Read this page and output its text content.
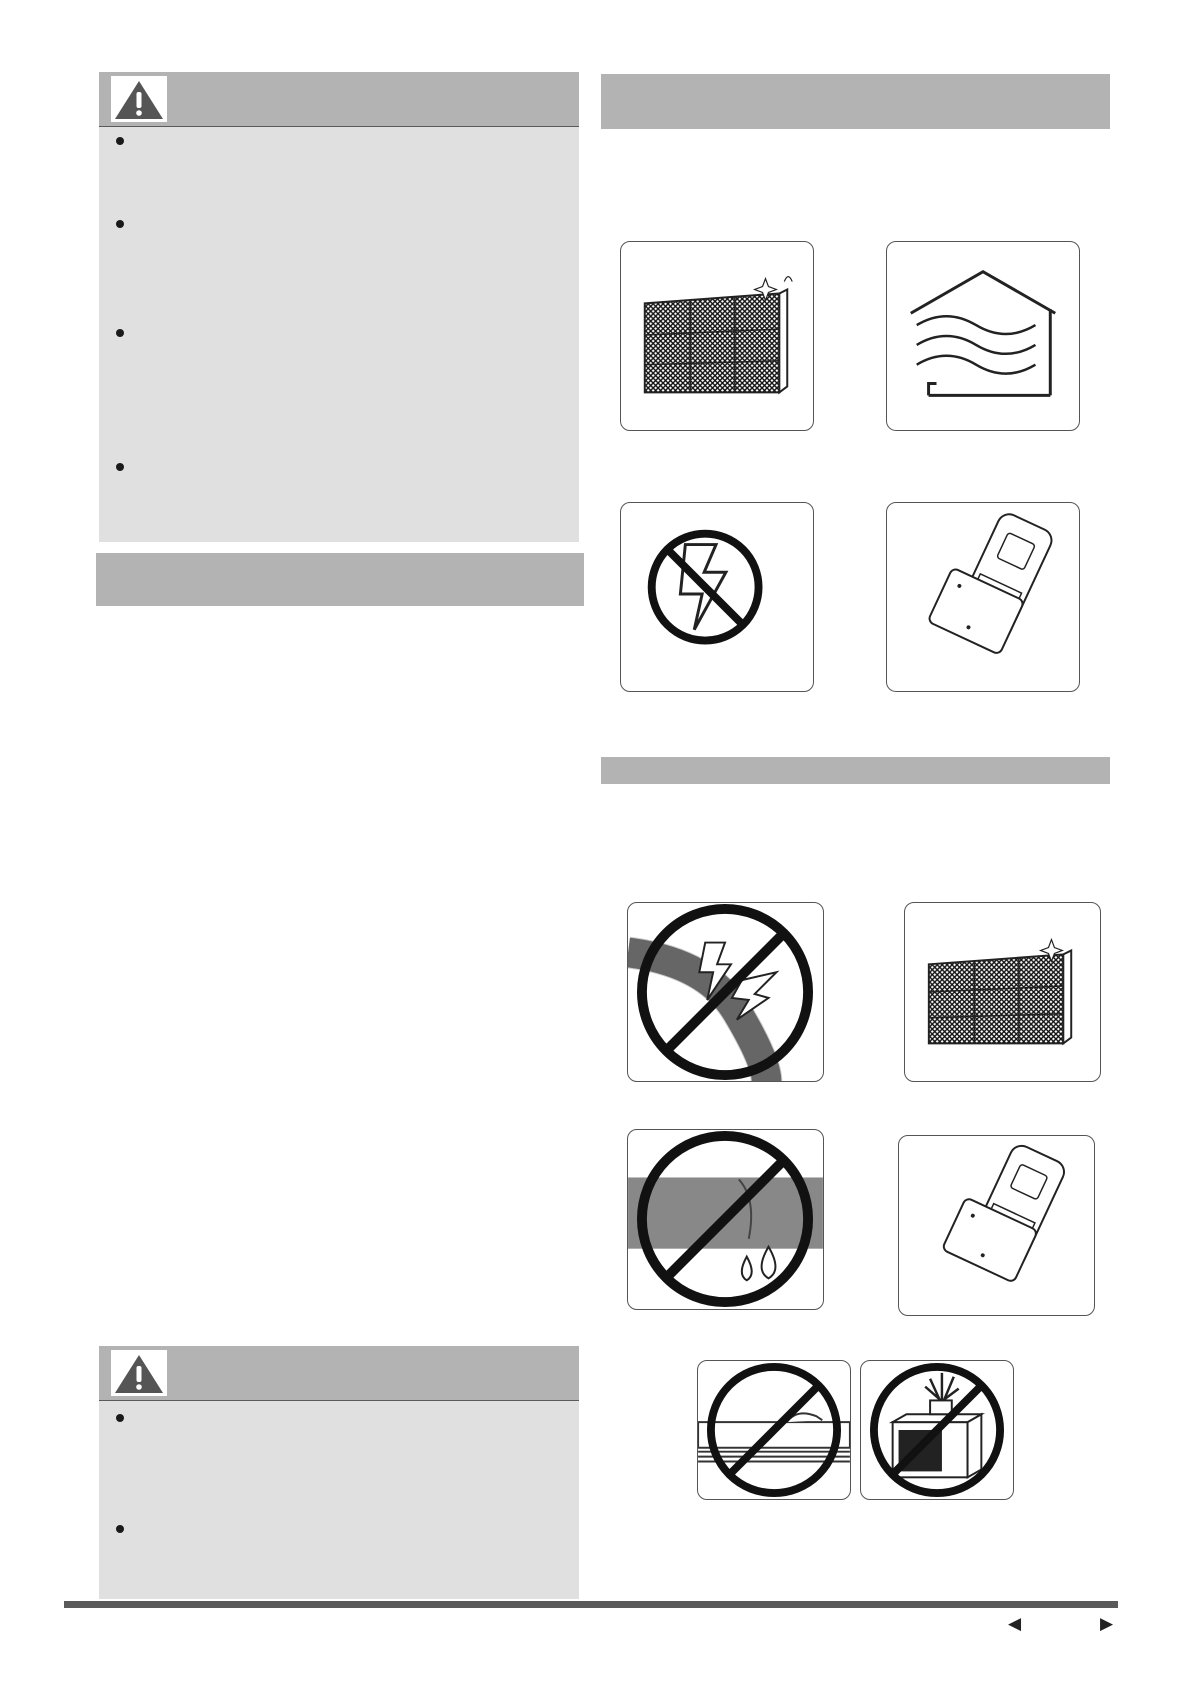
◀	▶
